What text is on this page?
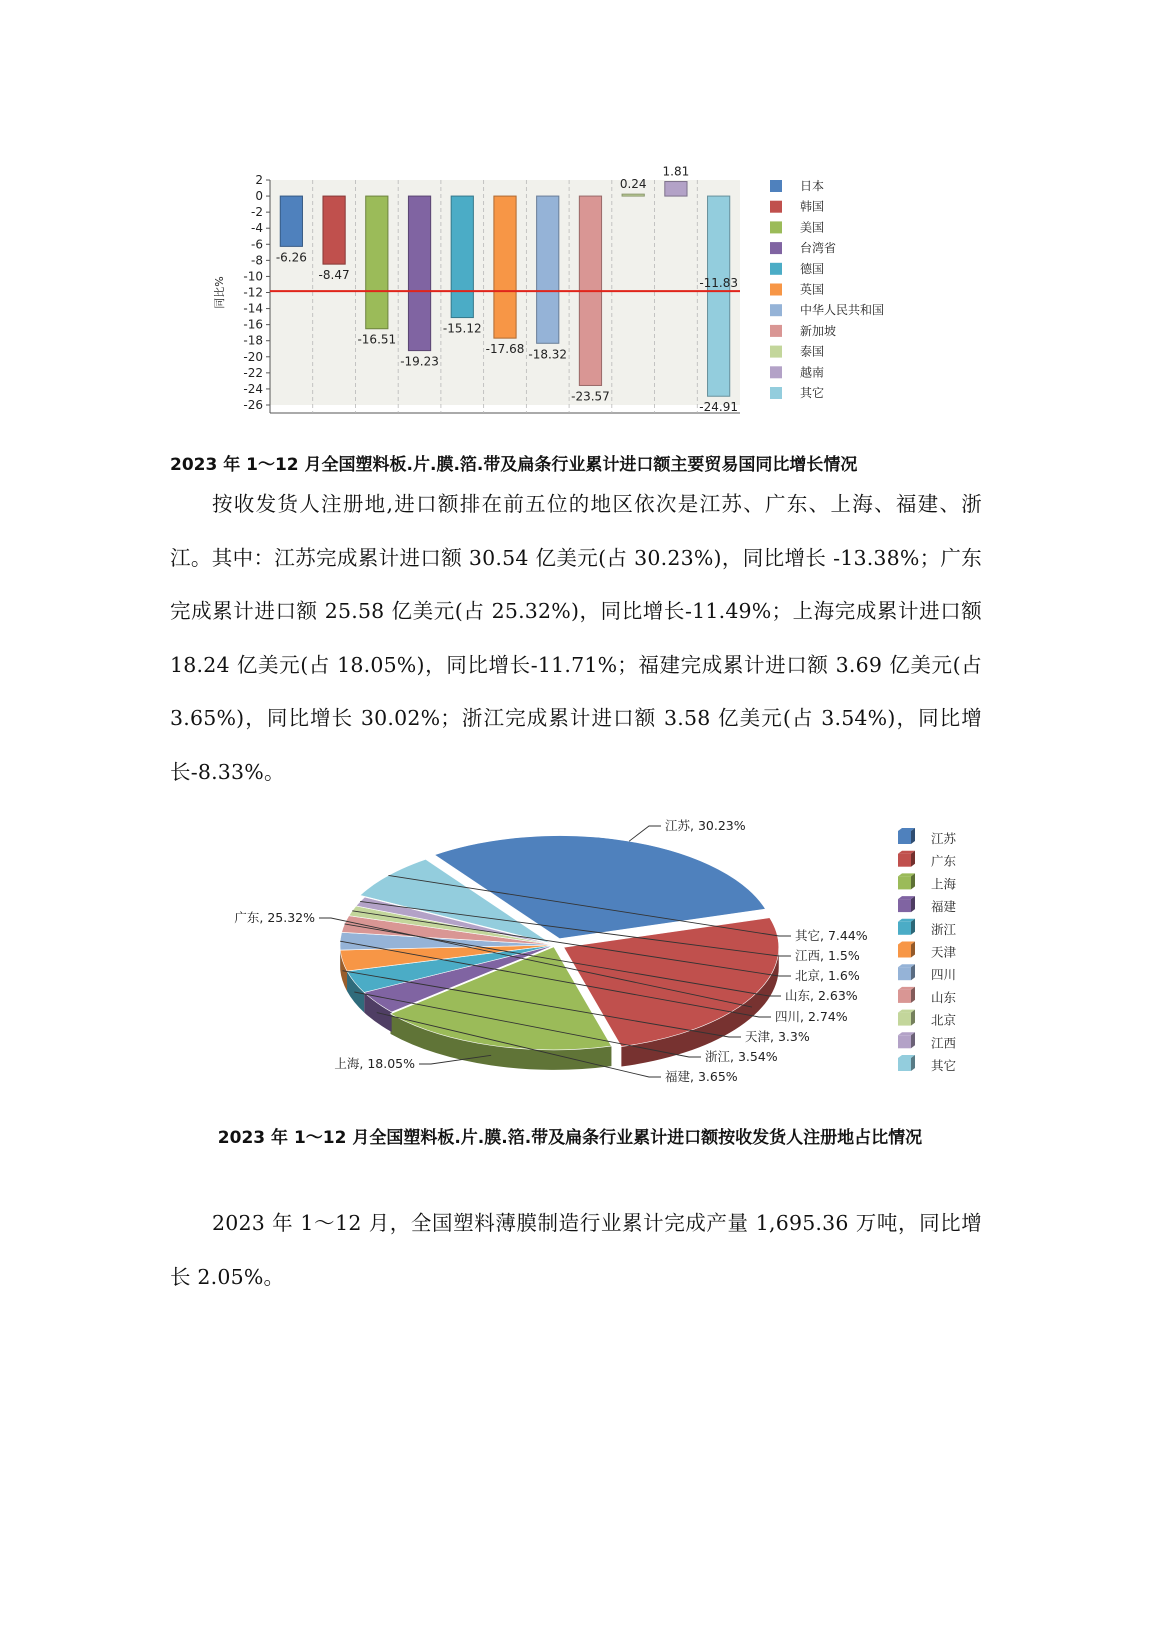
2
0
-2
-4
-6
-8
-10
-12
-14
-16
-18
-20
-22
-24
-26
同比%
-6.26
-8.47
-16.51
-19.23
-15.12
-17.68 -18.32
-23.57
0.24
1.81
-24.91
-11.83
日本
韩国
美国
台湾省
德国
英国
中华人民共和国
新加坡
泰国
越南
其它
2023 年 1～12 月全国塑料板.片.膜.箔.带及扁条行业累计进口额主要贸易国同比增长情况
按收发货人注册地,进口额排在前五位的地区依次是江苏、广东、上海、福建、浙江。其中：江苏完成累计进口额 30.54 亿美元(占 30.23%)，同比增长 -13.38%；广东完成累计进口额 25.58 亿美元(占 25.32%)，同比增长-11.49%；上海完成累计进口额 18.24 亿美元(占 18.05%)，同比增长-11.71%；福建完成累计进口额 3.69 亿美元(占 3.65%)，同比增长 30.02%；浙江完成累计进口额 3.58 亿美元(占 3.54%)，同比增长-8.33%。
江苏, 30.23%
广东, 25.32%
上海, 18.05%
福建, 3.65%
浙江, 3.54%
天津, 3.3%
四川, 2.74%
山东, 2.63%
北京, 1.6%
江西, 1.5%
其它, 7.44%
江苏
广东
上海
福建
浙江
天津
四川
山东
北京
江西
其它
2023 年 1～12 月全国塑料板.片.膜.箔.带及扁条行业累计进口额按收发货人注册地占比情况
2023 年 1～12 月，全国塑料薄膜制造行业累计完成产量 1,695.36 万吨，同比增长 2.05%。
